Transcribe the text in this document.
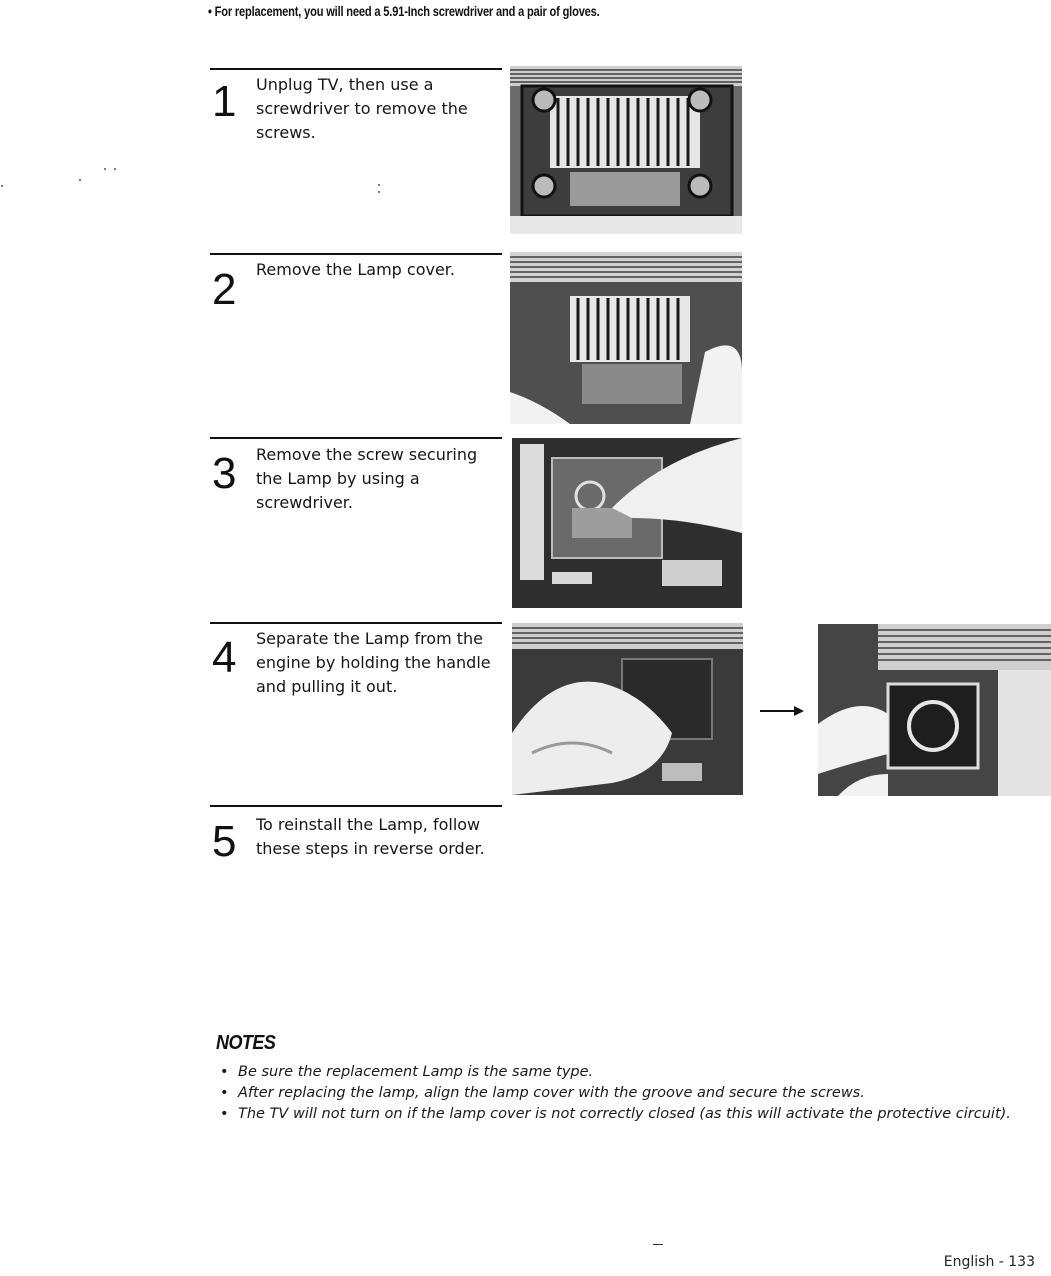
• For replacement, you will need a 5.91-Inch screwdriver and a pair of gloves.
1 Unplug TV, then use a
screwdriver to remove the
screws.
2 Remove the Lamp cover.
3 Remove the screw securing
the Lamp by using a
screwdriver.
4 Separate the Lamp from the
engine by holding the handle
and pulling it out.
5 To reinstall the Lamp, follow
these steps in reverse order.
NOTES
• Be sure the replacement Lamp is the same type.
• After replacing the lamp, align the lamp cover with the groove and secure the screws.
• The TV will not turn on if the lamp cover is not correctly closed (as this will activate the protective circuit).
English - 133
